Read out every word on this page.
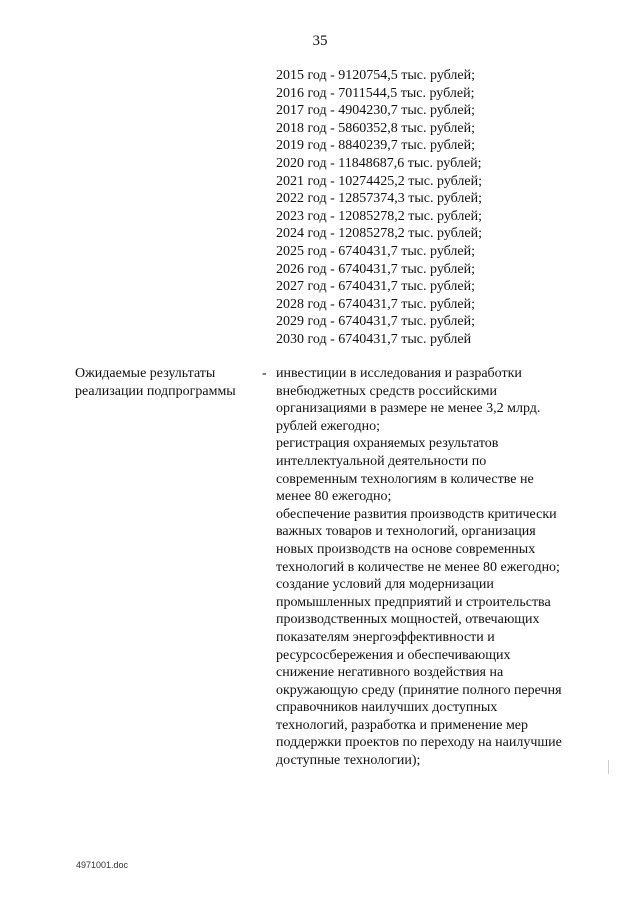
35
2015 год - 9120754,5 тыс. рублей;
2016 год - 7011544,5 тыс. рублей;
2017 год - 4904230,7 тыс. рублей;
2018 год - 5860352,8 тыс. рублей;
2019 год - 8840239,7 тыс. рублей;
2020 год - 11848687,6 тыс. рублей;
2021 год - 10274425,2 тыс. рублей;
2022 год - 12857374,3 тыс. рублей;
2023 год - 12085278,2 тыс. рублей;
2024 год - 12085278,2 тыс. рублей;
2025 год - 6740431,7 тыс. рублей;
2026 год - 6740431,7 тыс. рублей;
2027 год - 6740431,7 тыс. рублей;
2028 год - 6740431,7 тыс. рублей;
2029 год - 6740431,7 тыс. рублей;
2030 год - 6740431,7 тыс. рублей
Ожидаемые результаты
реализации подпрограммы
- инвестиции в исследования и разработки внебюджетных средств российскими организациями в размере не менее 3,2 млрд. рублей ежегодно;

регистрация охраняемых результатов интеллектуальной деятельности по современным технологиям в количестве не менее 80 ежегодно;

обеспечение развития производств критически важных товаров и технологий, организация новых производств на основе современных технологий в количестве не менее 80 ежегодно;

создание условий для модернизации промышленных предприятий и строительства производственных мощностей, отвечающих показателям энергоэффективности и ресурсосбережения и обеспечивающих снижение негативного воздействия на окружающую среду (принятие полного перечня справочников наилучших доступных технологий, разработка и применение мер поддержки проектов по переходу на наилучшие доступные технологии);

4971001.doc
